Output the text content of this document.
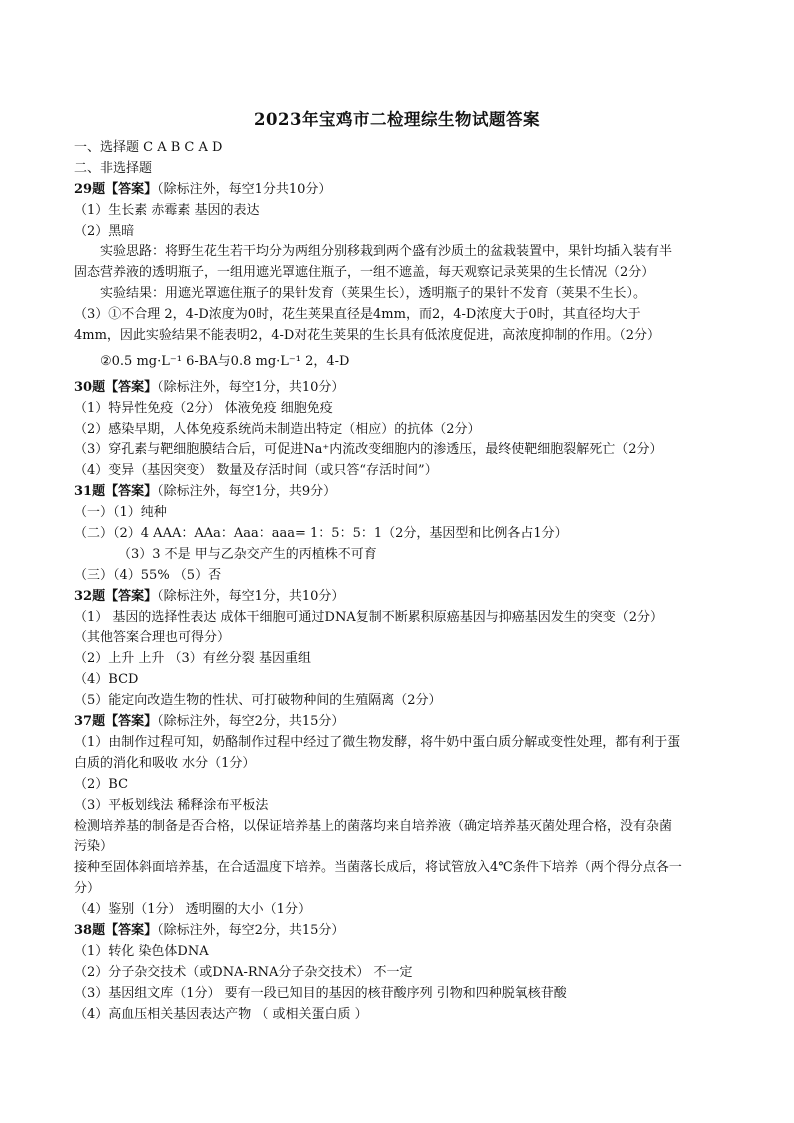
2023年宝鸡市二检理综生物试题答案
一、选择题 C A B C A D
二、非选择题
29题【答案】（除标注外，每空1分共10分）
（1）生长素 赤霉素 基因的表达
（2）黑暗
实验思路：将野生花生若干均分为两组分别移栽到两个盛有沙质土的盆栽装置中，果针均插入装有半
固态营养液的透明瓶子，一组用遮光罩遮住瓶子，一组不遮盖，每天观察记录荚果的生长情况（2分）
实验结果：用遮光罩遮住瓶子的果针发育（荚果生长），透明瓶子的果针不发育（荚果不生长）。
（3）①不合理 2，4-D浓度为0时，花生荚果直径是4mm，而2，4-D浓度大于0时，其直径均大于
4mm，因此实验结果不能表明2，4-D对花生荚果的生长具有低浓度促进，高浓度抑制的作用。（2分）
②0.5 mg·L⁻¹ 6-BA与0.8 mg·L⁻¹ 2，4-D
30题【答案】（除标注外，每空1分，共10分）
（1）特异性免疫（2分） 体液免疫 细胞免疫
（2）感染早期，人体免疫系统尚未制造出特定（相应）的抗体（2分）
（3）穿孔素与靶细胞膜结合后，可促进Na⁺内流改变细胞内的渗透压，最终使靶细胞裂解死亡（2分）
（4）变异（基因突变） 数量及存活时间（或只答“存活时间”）
31题【答案】（除标注外，每空1分，共9分）
（一）（1）纯种
（二）（2）4 AAA：AAa：Aaa：aaa= 1：5：5：1（2分，基因型和比例各占1分）
（3）3 不是 甲与乙杂交产生的丙植株不可育
（三）（4）55% （5）否
32题【答案】（除标注外，每空1分，共10分）
（1） 基因的选择性表达 成体干细胞可通过DNA复制不断累积原癌基因与抑癌基因发生的突变（2分）
（其他答案合理也可得分）
（2）上升 上升 （3）有丝分裂 基因重组
（4）BCD
（5）能定向改造生物的性状、可打破物种间的生殖隔离（2分）
37题【答案】（除标注外，每空2分，共15分）
（1）由制作过程可知，奶酪制作过程中经过了微生物发酵，将牛奶中蛋白质分解或变性处理，都有利于蛋
白质的消化和吸收 水分（1分）
（2）BC
（3）平板划线法 稀释涂布平板法
检测培养基的制备是否合格，以保证培养基上的菌落均来自培养液（确定培养基灭菌处理合格，没有杂菌
污染）
接种至固体斜面培养基，在合适温度下培养。当菌落长成后，将试管放入4℃条件下培养（两个得分点各一
分）
（4）鉴别（1分） 透明圈的大小（1分）
38题【答案】（除标注外，每空2分，共15分）
（1）转化 染色体DNA
（2）分子杂交技术（或DNA-RNA分子杂交技术） 不一定
（3）基因组文库（1分） 要有一段已知目的基因的核苷酸序列 引物和四种脱氧核苷酸
（4）高血压相关基因表达产物 （ 或相关蛋白质 ）
